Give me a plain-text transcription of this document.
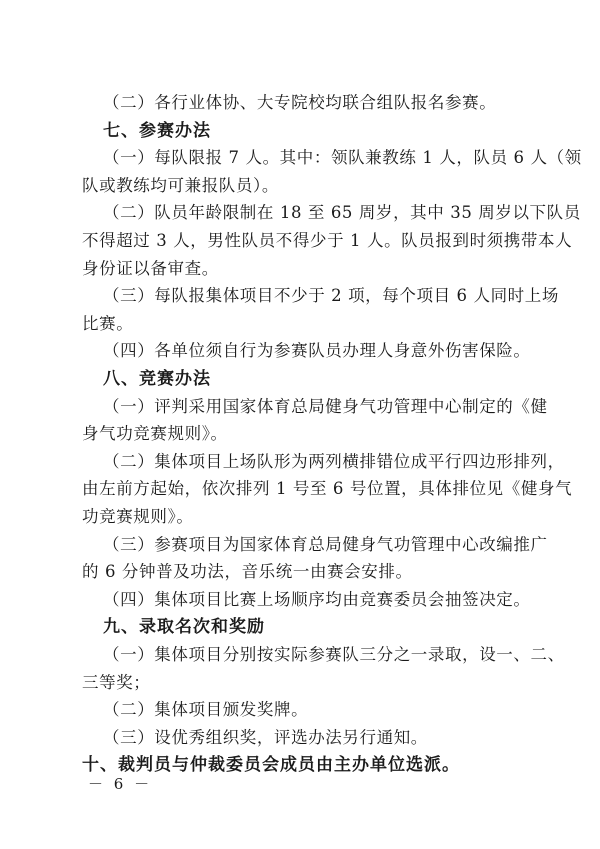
（二）各行业体协、大专院校均联合组队报名参赛。
七、参赛办法
（一）每队限报 7 人。其中：领队兼教练 1 人，队员 6 人（领
队或教练均可兼报队员）。
（二）队员年龄限制在 18 至 65 周岁，其中 35 周岁以下队员
不得超过 3 人，男性队员不得少于 1 人。队员报到时须携带本人
身份证以备审查。
（三）每队报集体项目不少于 2 项，每个项目 6 人同时上场
比赛。
（四）各单位须自行为参赛队员办理人身意外伤害保险。
八、竞赛办法
（一）评判采用国家体育总局健身气功管理中心制定的《健
身气功竞赛规则》。
（二）集体项目上场队形为两列横排错位成平行四边形排列，
由左前方起始，依次排列 1 号至 6 号位置，具体排位见《健身气
功竞赛规则》。
（三）参赛项目为国家体育总局健身气功管理中心改编推广
的 6 分钟普及功法，音乐统一由赛会安排。
（四）集体项目比赛上场顺序均由竞赛委员会抽签决定。
九、录取名次和奖励
（一）集体项目分别按实际参赛队三分之一录取，设一、二、
三等奖；
（二）集体项目颁发奖牌。
（三）设优秀组织奖，评选办法另行通知。
十、裁判员与仲裁委员会成员由主办单位选派。
－ 6 －
